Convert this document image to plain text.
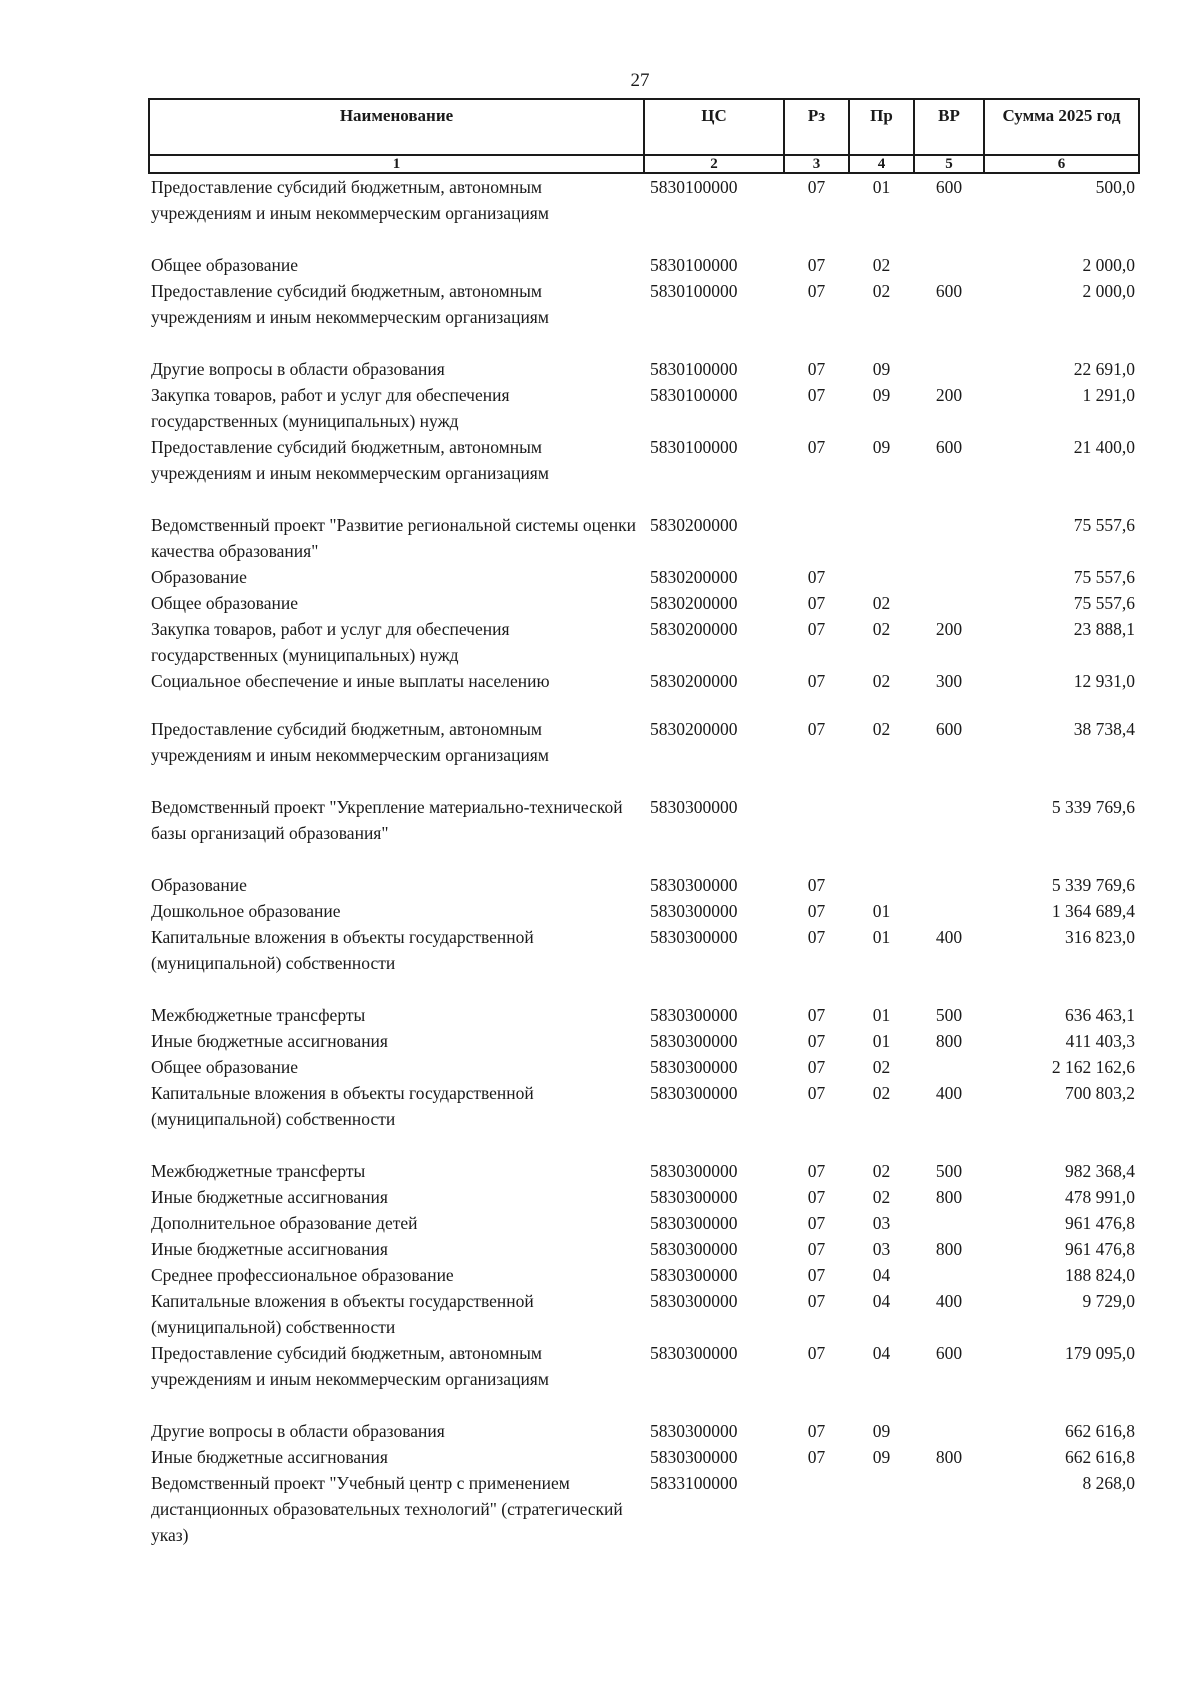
27
Наименование	ЦС	Рз	Пр	ВР	Сумма 2025 год
1	2	3	4	5	6
Предоставление субсидий бюджетным, автономным учреждениям и иным некоммерческим организациям	5830100000	07	01	600	500,0

Общее образование	5830100000	07	02		2 000,0
Предоставление субсидий бюджетным, автономным учреждениям и иным некоммерческим организациям	5830100000	07	02	600	2 000,0

Другие вопросы в области образования	5830100000	07	09		22 691,0
Закупка товаров, работ и услуг для обеспечения государственных (муниципальных) нужд	5830100000	07	09	200	1 291,0
Предоставление субсидий бюджетным, автономным учреждениям и иным некоммерческим организациям	5830100000	07	09	600	21 400,0

Ведомственный проект "Развитие региональной системы оценки качества образования"	5830200000				75 557,6
Образование	5830200000	07			75 557,6
Общее образование	5830200000	07	02		75 557,6
Закупка товаров, работ и услуг для обеспечения государственных (муниципальных) нужд	5830200000	07	02	200	23 888,1
Социальное обеспечение и иные выплаты населению	5830200000	07	02	300	12 931,0

Предоставление субсидий бюджетным, автономным учреждениям и иным некоммерческим организациям	5830200000	07	02	600	38 738,4

Ведомственный проект "Укрепление материально-технической базы организаций образования"	5830300000				5 339 769,6

Образование	5830300000	07			5 339 769,6
Дошкольное образование	5830300000	07	01		1 364 689,4
Капитальные вложения в объекты государственной (муниципальной) собственности	5830300000	07	01	400	316 823,0

Межбюджетные трансферты	5830300000	07	01	500	636 463,1
Иные бюджетные ассигнования	5830300000	07	01	800	411 403,3
Общее образование	5830300000	07	02		2 162 162,6
Капитальные вложения в объекты государственной (муниципальной) собственности	5830300000	07	02	400	700 803,2

Межбюджетные трансферты	5830300000	07	02	500	982 368,4
Иные бюджетные ассигнования	5830300000	07	02	800	478 991,0
Дополнительное образование детей	5830300000	07	03		961 476,8
Иные бюджетные ассигнования	5830300000	07	03	800	961 476,8
Среднее профессиональное образование	5830300000	07	04		188 824,0
Капитальные вложения в объекты государственной (муниципальной) собственности	5830300000	07	04	400	9 729,0
Предоставление субсидий бюджетным, автономным учреждениям и иным некоммерческим организациям	5830300000	07	04	600	179 095,0

Другие вопросы в области образования	5830300000	07	09		662 616,8
Иные бюджетные ассигнования	5830300000	07	09	800	662 616,8
Ведомственный проект "Учебный центр с применением дистанционных образовательных технологий" (стратегический указ)	5833100000				8 268,0
